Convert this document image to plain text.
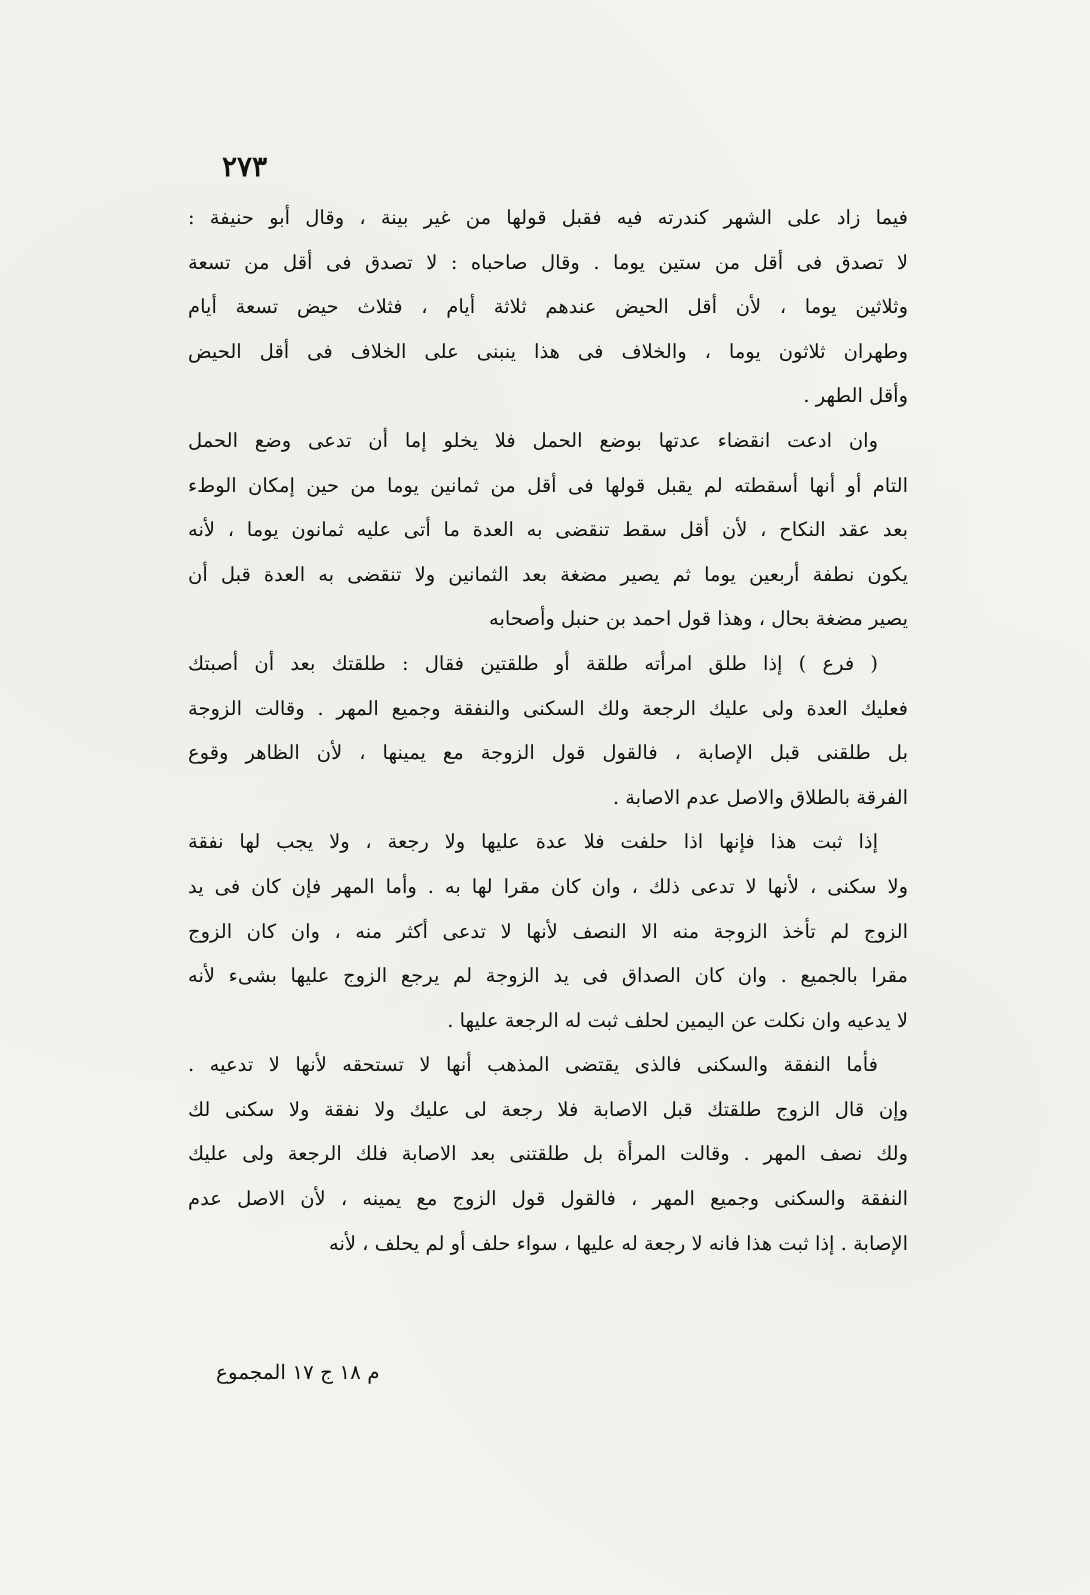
٢٧٣
فيما زاد على الشهر كندرته فيه فقبل قولها من غير بينة ، وقال أبو حنيفة :
لا تصدق فى أقل من ستين يوما . وقال صاحباه : لا تصدق فى أقل من تسعة
وثلاثين يوما ، لأن أقل الحيض عندهم ثلاثة أيام ، فثلاث حيض تسعة أيام
وطهران ثلاثون يوما ، والخلاف فى هذا ينبنى على الخلاف فى أقل الحيض
وأقل الطهر .
وان ادعت انقضاء عدتها بوضع الحمل فلا يخلو إما أن تدعى وضع الحمل
التام أو أنها أسقطته لم يقبل قولها فى أقل من ثمانين يوما من حين إمكان الوطء
بعد عقد النكاح ، لأن أقل سقط تنقضى به العدة ما أتى عليه ثمانون يوما ، لأنه
يكون نطفة أربعين يوما ثم يصير مضغة بعد الثمانين ولا تنقضى به العدة قبل أن
يصير مضغة بحال ، وهذا قول احمد بن حنبل وأصحابه
( فرع ) إذا طلق امرأته طلقة أو طلقتين فقال : طلقتك بعد أن أصبتك
فعليك العدة ولى عليك الرجعة ولك السكنى والنفقة وجميع المهر . وقالت الزوجة
بل طلقنى قبل الإصابة ، فالقول قول الزوجة مع يمينها ، لأن الظاهر وقوع
الفرقة بالطلاق والاصل عدم الاصابة .
إذا ثبت هذا فإنها اذا حلفت فلا عدة عليها ولا رجعة ، ولا يجب لها نفقة
ولا سكنى ، لأنها لا تدعى ذلك ، وان كان مقرا لها به . وأما المهر فإن كان فى يد
الزوج لم تأخذ الزوجة منه الا النصف لأنها لا تدعى أكثر منه ، وان كان الزوج
مقرا بالجميع . وان كان الصداق فى يد الزوجة لم يرجع الزوج عليها بشىء لأنه
لا يدعيه وان نكلت عن اليمين لحلف ثبت له الرجعة عليها .
فأما النفقة والسكنى فالذى يقتضى المذهب أنها لا تستحقه لأنها لا تدعيه .
وإن قال الزوج طلقتك قبل الاصابة فلا رجعة لى عليك ولا نفقة ولا سكنى لك
ولك نصف المهر . وقالت المرأة بل طلقتنى بعد الاصابة فلك الرجعة ولى عليك
النفقة والسكنى وجميع المهر ، فالقول قول الزوج مع يمينه ، لأن الاصل عدم
الإصابة . إذا ثبت هذا فانه لا رجعة له عليها ، سواء حلف أو لم يحلف ، لأنه
م ١٨ ج ١٧ المجموع
